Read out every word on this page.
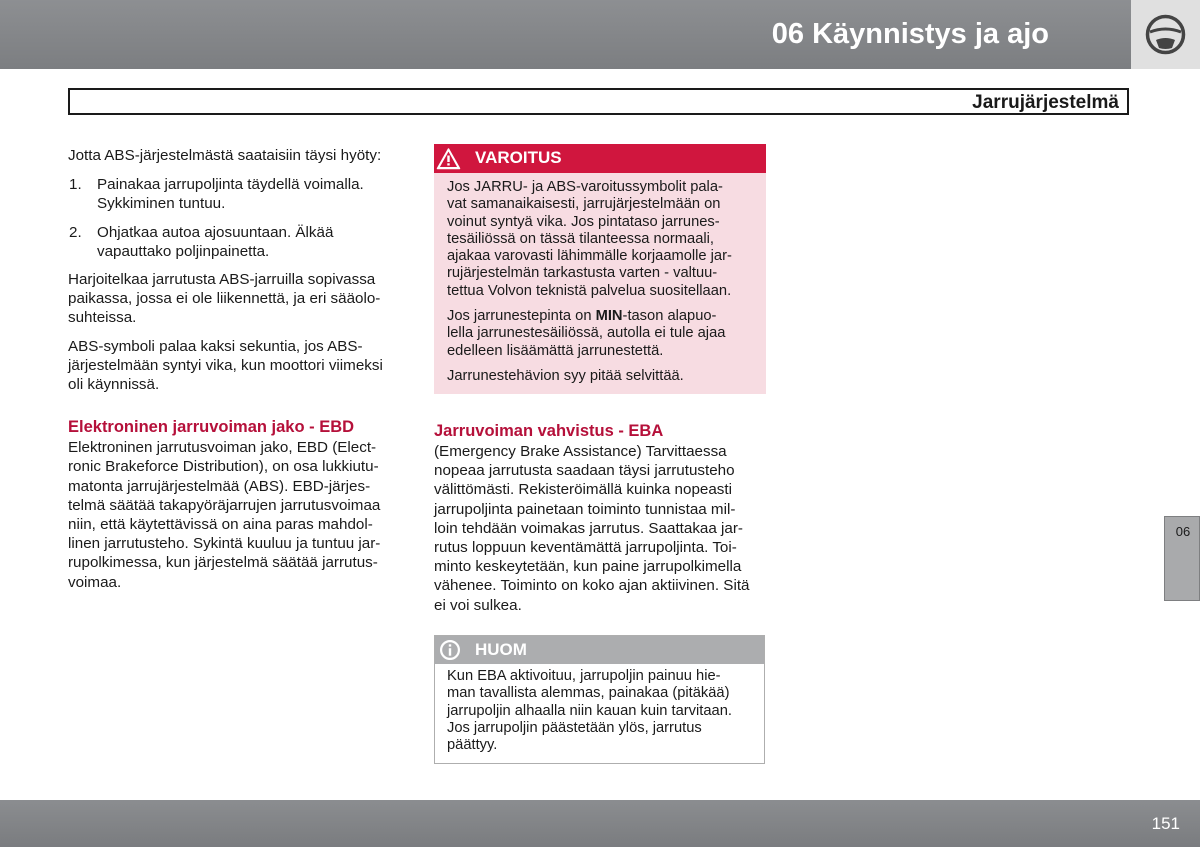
06 Käynnistys ja ajo
Jarrujärjestelmä

Jotta ABS-järjestelmästä saataisiin täysi hyöty:

1. Painakaa jarrupoljinta täydellä voimalla.
Sykkiminen tuntuu.
2. Ohjatkaa autoa ajosuuntaan. Älkää
vapauttako poljinpainetta.
Harjoitelkaa jarrutusta ABS-jarruilla sopivassa
paikassa, jossa ei ole liikennettä, ja eri sääolo-
suhteissa.
ABS-symboli palaa kaksi sekuntia, jos ABS-
järjestelmään syntyi vika, kun moottori viimeksi
oli käynnissä.
Elektroninen jarruvoiman jako - EBD
Elektroninen jarrutusvoiman jako, EBD (Elect-
ronic Brakeforce Distribution), on osa lukkiutu-
matonta jarrujärjestelmää (ABS). EBD-järjes-
telmä säätää takapyöräjarrujen jarrutusvoimaa
niin, että käytettävissä on aina paras mahdol-
linen jarrutusteho. Sykintä kuuluu ja tuntuu jar-
rupolkimessa, kun järjestelmä säätää jarrutus-
voimaa.
VAROITUS
Jos JARRU- ja ABS-varoitussymbolit pala-
vat samanaikaisesti, jarrujärjestelmään on
voinut syntyä vika. Jos pintataso jarrunes-
tesäiliössä on tässä tilanteessa normaali,
ajakaa varovasti lähimmälle korjaamolle jar-
rujärjestelmän tarkastusta varten - valtuu-
tettua Volvon teknistä palvelua suositellaan.
Jos jarrunestepinta on MIN-tason alapuo-
lella jarrunestesäiliössä, autolla ei tule ajaa
edelleen lisäämättä jarrunestettä.
Jarrunestehävion syy pitää selvittää.
Jarruvoiman vahvistus - EBA
(Emergency Brake Assistance) Tarvittaessa
nopeaa jarrutusta saadaan täysi jarrutusteho
välittömästi. Rekisteröimällä kuinka nopeasti
jarrupoljinta painetaan toiminto tunnistaa mil-
loin tehdään voimakas jarrutus. Saattakaa jar-
rutus loppuun keventämättä jarrupoljinta. Toi-
minto keskeytetään, kun paine jarrupolkimella
vähenee. Toiminto on koko ajan aktiivinen. Sitä
ei voi sulkea.
HUOM
Kun EBA aktivoituu, jarrupoljin painuu hie-
man tavallista alemmas, painakaa (pitäkää)
jarrupoljin alhaalla niin kauan kuin tarvitaan.
Jos jarrupoljin päästetään ylös, jarrutus
päättyy.
06
151
